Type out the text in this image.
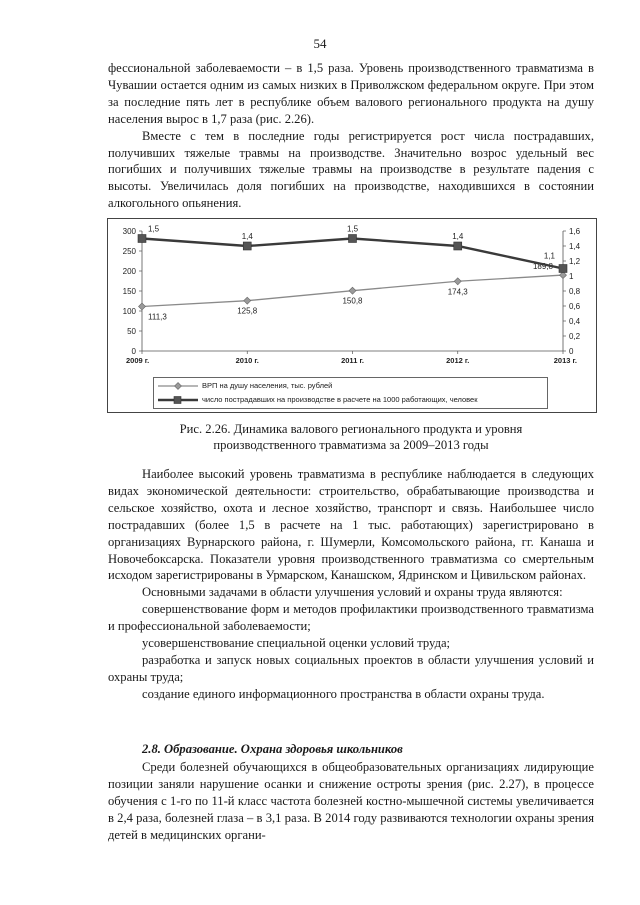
54

фессиональной заболеваемости – в 1,5 раза. Уровень производственного травматизма в Чувашии остается одним из самых низких в Приволжском федеральном округе. При этом за последние пять лет в республике объем валового регионального продукта на душу населения вырос в 1,7 раза (рис. 2.26).

Вместе с тем в последние годы регистрируется рост числа пострадавших, получивших тяжелые травмы на производстве. Значительно возрос удельный вес погибших и получивших тяжелые травмы на производстве в результате падения с высоты. Увеличилась доля погибших на производстве, находившихся в состоянии алкогольного опьянения.

0
50
100
150
200
250
300
0
0,2
0,4
0,6
0,8
1
1,2
1,4
1,6
2009 г.	2010 г.	2011 г.	2012 г.	2013 г.
111,3
125,8
150,8
174,3
189,8
1,5
1,4
1,5
1,4
1,1
ВРП на душу населения, тыс. рублей
число пострадавших на производстве в расчете на 1000 работающих, человек
Рис. 2.26. Динамика валового регионального продукта и уровня
производственного травматизма за 2009–2013 годы

Наиболее высокий уровень травматизма в республике наблюдается в следующих видах экономической деятельности: строительство, обрабатывающие производства и сельское хозяйство, охота и лесное хозяйство, транспорт и связь. Наибольшее число пострадавших (более 1,5 в расчете на 1 тыс. работающих) зарегистрировано в организациях Вурнарского района, г. Шумерли, Комсомольского района, гг. Канаша и Новочебоксарска. Показатели уровня производственного травматизма со смертельным исходом зарегистрированы в Урмарском, Канашском, Ядринском и Цивильском районах.

Основными задачами в области улучшения условий и охраны труда являются:

совершенствование форм и методов профилактики производственного травматизма и профессиональной заболеваемости;

усовершенствование специальной оценки условий труда;

разработка и запуск новых социальных проектов в области улучшения условий и охраны труда;

создание единого информационного пространства в области охраны труда.

2.8. Образование. Охрана здоровья школьников

Среди болезней обучающихся в общеобразовательных организациях лидирующие позиции заняли нарушение осанки и снижение остроты зрения (рис. 2.27), в процессе обучения с 1-го по 11-й класс частота болезней костно-мышечной системы увеличивается в 2,4 раза, болезней глаза – в 3,1 раза. В 2014 году развиваются технологии охраны зрения детей в медицинских органи-
